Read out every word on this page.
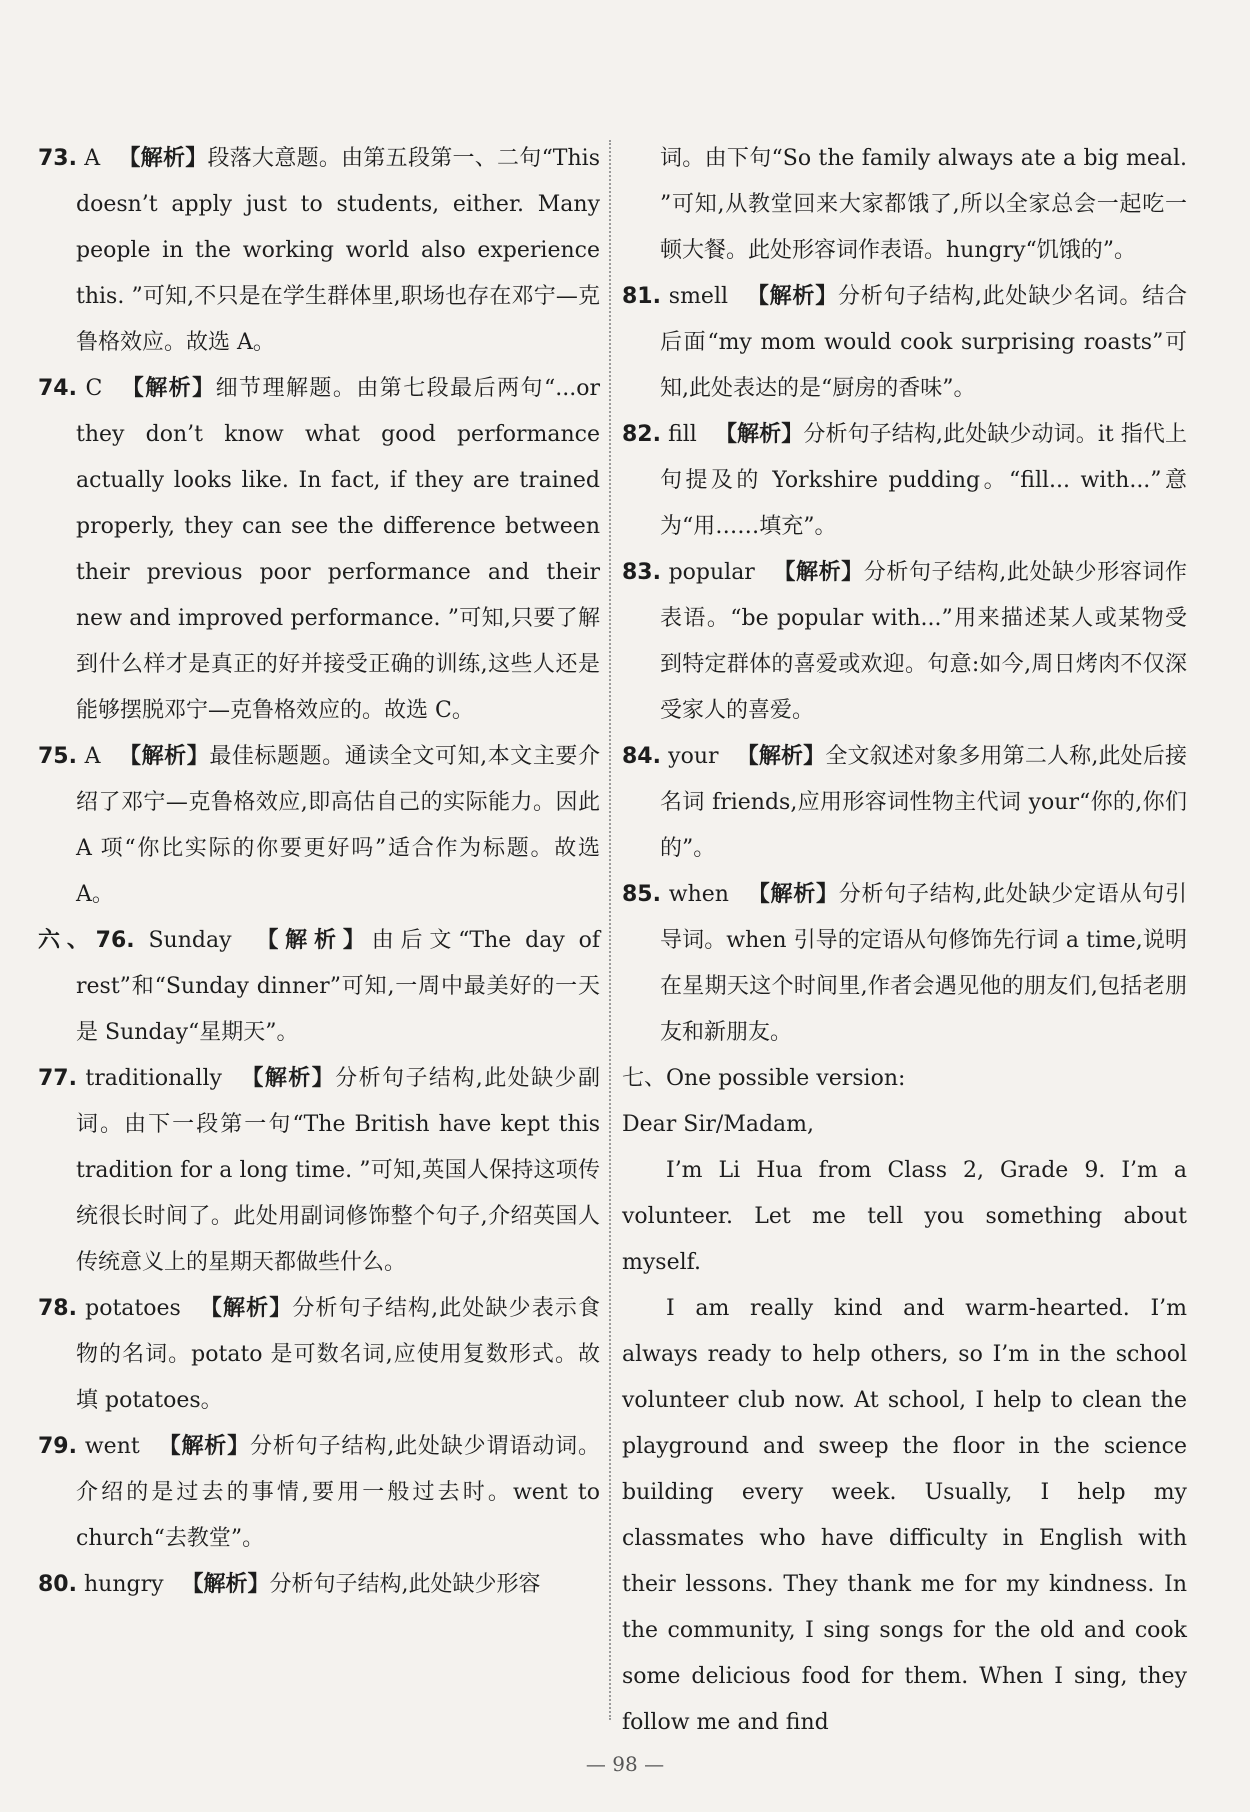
73. A 【解析】段落大意题。由第五段第一、二句“This doesn’t apply just to students, either. Many people in the working world also experience this. ”可知,不只是在学生群体里,职场也存在邓宁—克鲁格效应。故选 A。

74. C 【解析】细节理解题。由第七段最后两句“...or they don’t know what good performance actually looks like. In fact, if they are trained properly, they can see the difference between their previous poor performance and their new and improved performance. ”可知,只要了解到什么样才是真正的好并接受正确的训练,这些人还是能够摆脱邓宁—克鲁格效应的。故选 C。

75. A 【解析】最佳标题题。通读全文可知,本文主要介绍了邓宁—克鲁格效应,即高估自己的实际能力。因此 A 项“你比实际的你要更好吗”适合作为标题。故选 A。

六、76. Sunday 【解析】由后文“The day of rest”和“Sunday dinner”可知,一周中最美好的一天是 Sunday“星期天”。

77. traditionally 【解析】分析句子结构,此处缺少副词。由下一段第一句“The British have kept this tradition for a long time. ”可知,英国人保持这项传统很长时间了。此处用副词修饰整个句子,介绍英国人传统意义上的星期天都做些什么。

78. potatoes 【解析】分析句子结构,此处缺少表示食物的名词。potato 是可数名词,应使用复数形式。故填 potatoes。

79. went 【解析】分析句子结构,此处缺少谓语动词。介绍的是过去的事情,要用一般过去时。went to church“去教堂”。

80. hungry 【解析】分析句子结构,此处缺少形容

词。由下句“So the family always ate a big meal. ”可知,从教堂回来大家都饿了,所以全家总会一起吃一顿大餐。此处形容词作表语。hungry“饥饿的”。

81. smell 【解析】分析句子结构,此处缺少名词。结合后面“my mom would cook surprising roasts”可知,此处表达的是“厨房的香味”。

82. fill 【解析】分析句子结构,此处缺少动词。it 指代上句提及的 Yorkshire pudding。“fill... with...”意为“用……填充”。

83. popular 【解析】分析句子结构,此处缺少形容词作表语。“be popular with...”用来描述某人或某物受到特定群体的喜爱或欢迎。句意:如今,周日烤肉不仅深受家人的喜爱。

84. your 【解析】全文叙述对象多用第二人称,此处后接名词 friends,应用形容词性物主代词 your“你的,你们的”。

85. when 【解析】分析句子结构,此处缺少定语从句引导词。when 引导的定语从句修饰先行词 a time,说明在星期天这个时间里,作者会遇见他的朋友们,包括老朋友和新朋友。

七、One possible version:

Dear Sir/Madam,

I’m Li Hua from Class 2, Grade 9. I’m a volunteer. Let me tell you something about myself.

I am really kind and warm-hearted. I’m always ready to help others, so I’m in the school volunteer club now. At school, I help to clean the playground and sweep the floor in the science building every week. Usually, I help my classmates who have difficulty in English with their lessons. They thank me for my kindness. In the community, I sing songs for the old and cook some delicious food for them. When I sing, they follow me and find

— 98 —
